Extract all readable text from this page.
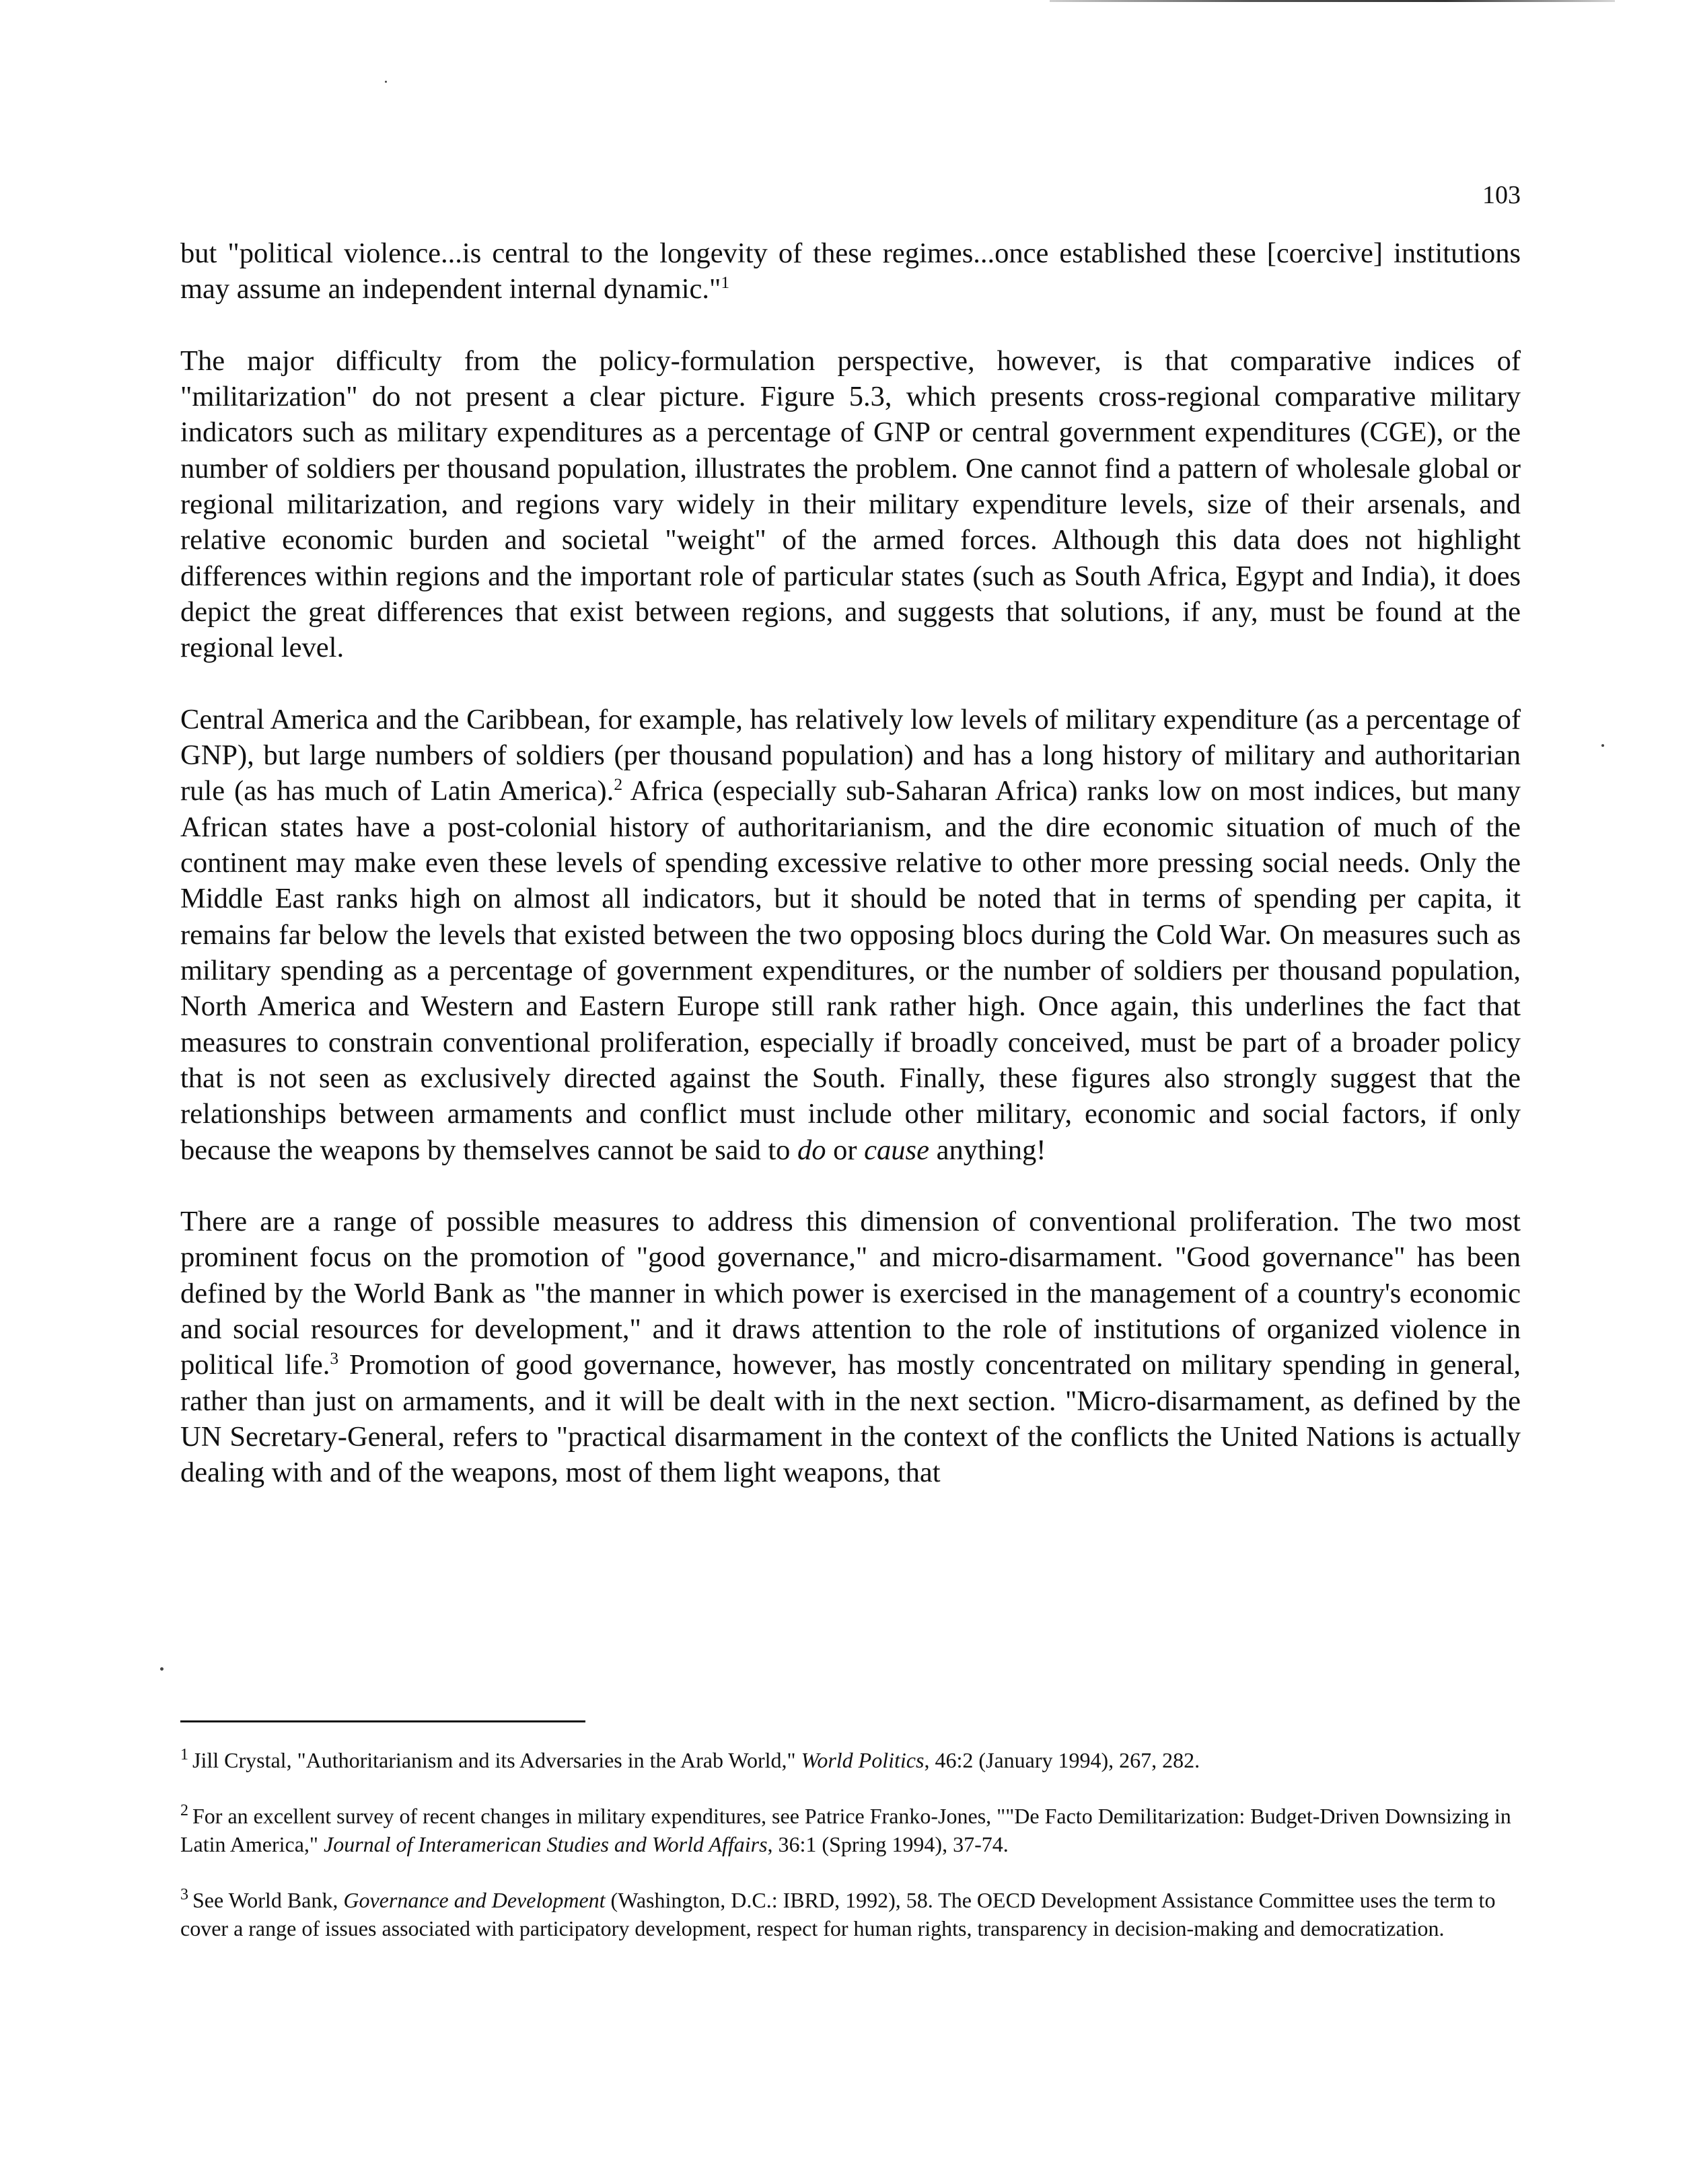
103

but "political violence...is central to the longevity of these regimes...once established these [coercive] institutions may assume an independent internal dynamic."$^1$

The major difficulty from the policy-formulation perspective, however, is that comparative indices of "militarization" do not present a clear picture. Figure 5.3, which presents cross-regional comparative military indicators such as military expenditures as a percentage of GNP or central government expenditures (CGE), or the number of soldiers per thousand population, illustrates the problem. One cannot find a pattern of wholesale global or regional militarization, and regions vary widely in their military expenditure levels, size of their arsenals, and relative economic burden and societal "weight" of the armed forces. Although this data does not highlight differences within regions and the important role of particular states (such as South Africa, Egypt and India), it does depict the great differences that exist between regions, and suggests that solutions, if any, must be found at the regional level.

Central America and the Caribbean, for example, has relatively low levels of military expenditure (as a percentage of GNP), but large numbers of soldiers (per thousand population) and has a long history of military and authoritarian rule (as has much of Latin America).$^2$ Africa (especially sub-Saharan Africa) ranks low on most indices, but many African states have a post-colonial history of authoritarianism, and the dire economic situation of much of the continent may make even these levels of spending excessive relative to other more pressing social needs. Only the Middle East ranks high on almost all indicators, but it should be noted that in terms of spending per capita, it remains far below the levels that existed between the two opposing blocs during the Cold War. On measures such as military spending as a percentage of government expenditures, or the number of soldiers per thousand population, North America and Western and Eastern Europe still rank rather high. Once again, this underlines the fact that measures to constrain conventional proliferation, especially if broadly conceived, must be part of a broader policy that is not seen as exclusively directed against the South. Finally, these figures also strongly suggest that the relationships between armaments and conflict must include other military, economic and social factors, if only because the weapons by themselves cannot be said to do or cause anything!

There are a range of possible measures to address this dimension of conventional proliferation. The two most prominent focus on the promotion of "good governance," and micro-disarmament. "Good governance" has been defined by the World Bank as "the manner in which power is exercised in the management of a country's economic and social resources for development," and it draws attention to the role of institutions of organized violence in political life.$^3$ Promotion of good governance, however, has mostly concentrated on military spending in general, rather than just on armaments, and it will be dealt with in the next section. "Micro-disarmament, as defined by the UN Secretary-General, refers to "practical disarmament in the context of the conflicts the United Nations is actually dealing with and of the weapons, most of them light weapons, that

$^1$ Jill Crystal, "Authoritarianism and its Adversaries in the Arab World," World Politics, 46:2 (January 1994), 267, 282.

$^2$ For an excellent survey of recent changes in military expenditures, see Patrice Franko-Jones, ""De Facto Demilitarization: Budget-Driven Downsizing in Latin America," Journal of Interamerican Studies and World Affairs, 36:1 (Spring 1994), 37-74.

$^3$ See World Bank, Governance and Development (Washington, D.C.: IBRD, 1992), 58. The OECD Development Assistance Committee uses the term to cover a range of issues associated with participatory development, respect for human rights, transparency in decision-making and democratization.
